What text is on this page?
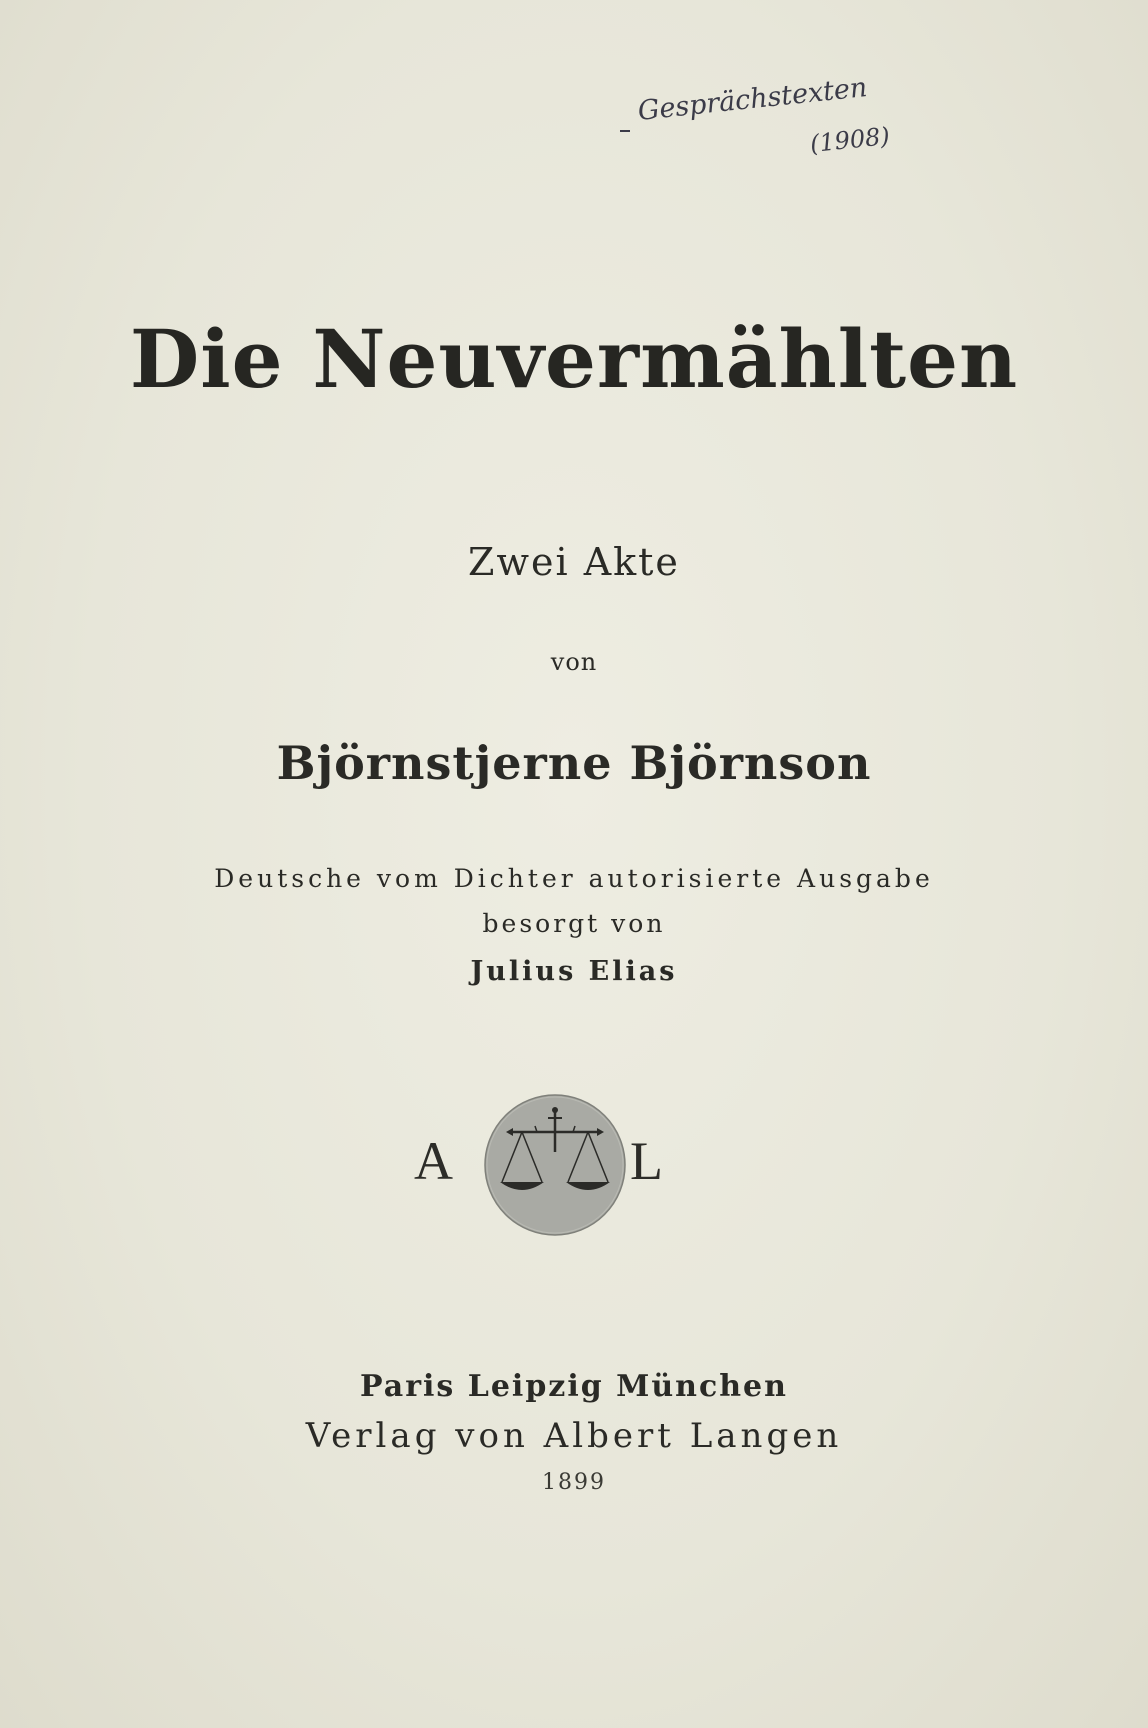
Gesprächstexten
(1908)
Die Neuvermählten
Zwei Akte
von
Björnstjerne Björnson
Deutsche vom Dichter autorisierte Ausgabe
besorgt von
Julius Elias
A	L
Paris Leipzig München
Verlag von Albert Langen
1899
